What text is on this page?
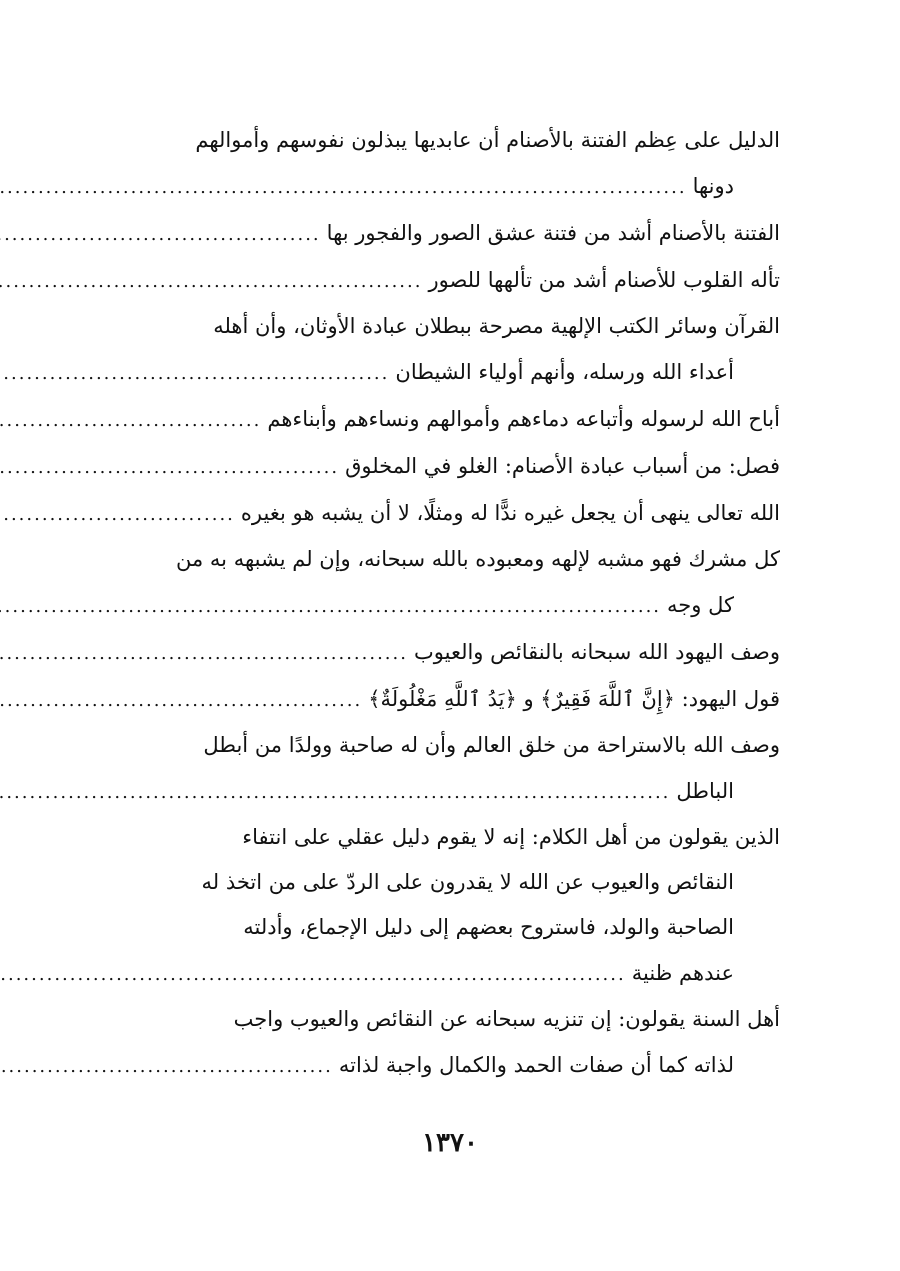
الدليل على عِظم الفتنة بالأصنام أن عابديها يبذلون نفوسهم وأموالهم
دونها
.....
الفتنة بالأصنام أشد من فتنة عشق الصور والفجور بها
.....
تأله القلوب للأصنام أشد من تألهها للصور
.....
القرآن وسائر الكتب الإلهية مصرحة ببطلان عبادة الأوثان، وأن أهله
أعداء الله ورسله، وأنهم أولياء الشيطان
.....
أباح الله لرسوله وأتباعه دماءهم وأموالهم ونساءهم وأبناءهم
.....
فصل: من أسباب عبادة الأصنام: الغلو في المخلوق
.....
الله تعالى ينهى أن يجعل غيره ندًّا له ومثلًا، لا أن يشبه هو بغيره
.....
كل مشرك فهو مشبه لإلهه ومعبوده بالله سبحانه، وإن لم يشبهه به من
كل وجه
.....
وصف اليهود الله سبحانه بالنقائص والعيوب
.....
قول اليهود: ﴿إِنَّ ٱللَّهَ فَقِيرٌ﴾ و ﴿يَدُ ٱللَّهِ مَغْلُولَةٌ﴾
.....
وصف الله بالاستراحة من خلق العالم وأن له صاحبة وولدًا من أبطل
الباطل
.....
الذين يقولون من أهل الكلام: إنه لا يقوم دليل عقلي على انتفاء
النقائص والعيوب عن الله لا يقدرون على الردّ على من اتخذ له
الصاحبة والولد، فاستروح بعضهم إلى دليل الإجماع، وأدلته
عندهم ظنية
.....
أهل السنة يقولون: إن تنزيه سبحانه عن النقائص والعيوب واجب
لذاته كما أن صفات الحمد والكمال واجبة لذاته
.....
١٣٧٠
